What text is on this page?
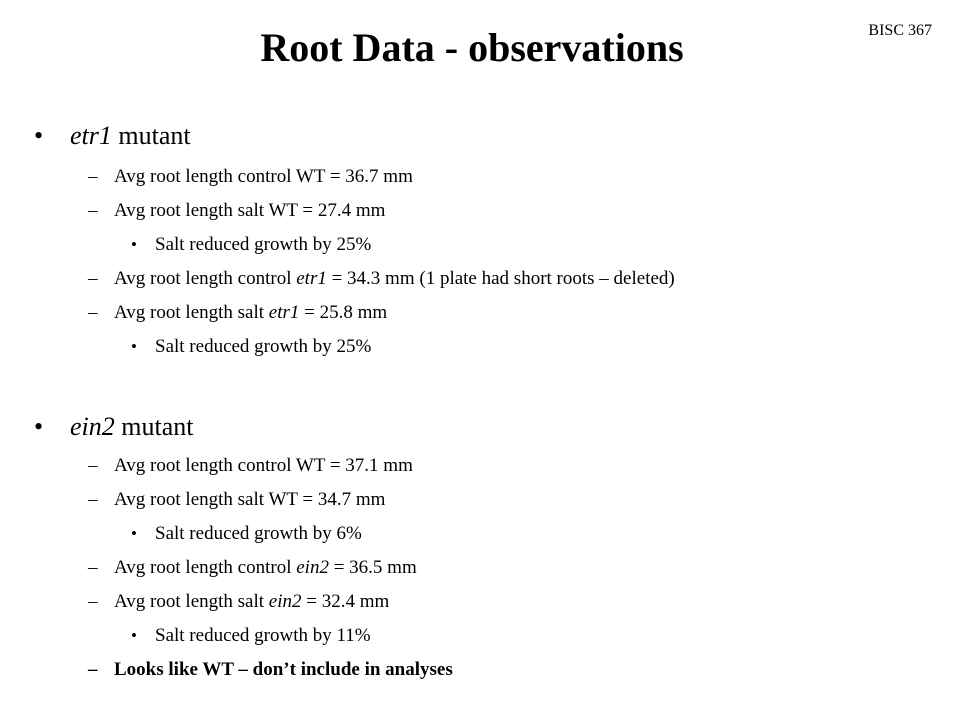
BISC 367
Root Data - observations
• etr1 mutant
– Avg root length control WT = 36.7 mm
– Avg root length salt WT = 27.4 mm
• Salt reduced growth by 25%
– Avg root length control etr1 = 34.3 mm (1 plate had short roots – deleted)
– Avg root length salt etr1 = 25.8 mm
• Salt reduced growth by 25%
• ein2 mutant
– Avg root length control WT = 37.1 mm
– Avg root length salt WT = 34.7 mm
• Salt reduced growth by 6%
– Avg root length control ein2 = 36.5 mm
– Avg root length salt ein2 = 32.4 mm
• Salt reduced growth by 11%
– Looks like WT – don’t include in analyses
